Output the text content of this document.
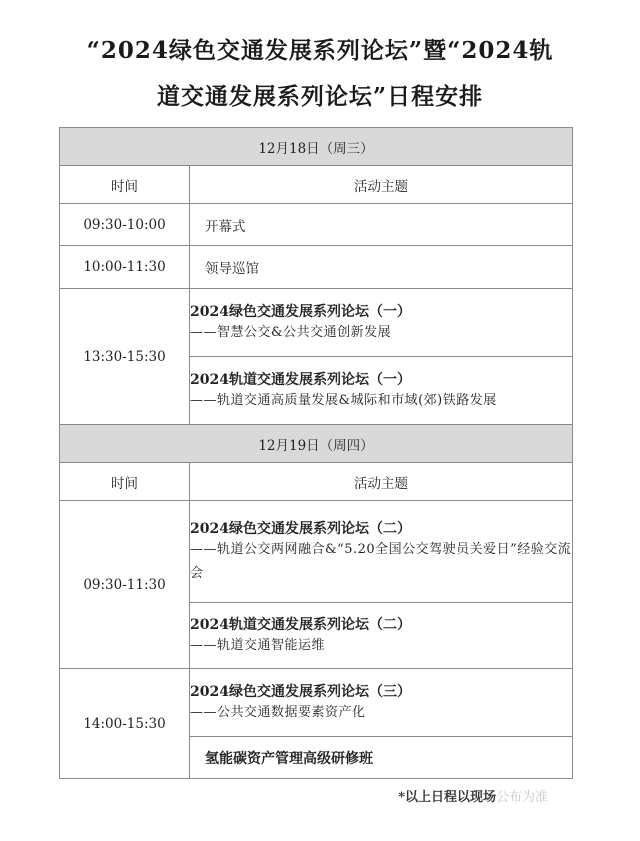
“2024绿色交通发展系列论坛”暨“2024轨
道交通发展系列论坛”日程安排
12月18日（周三）	
时间	活动主题
09:30-10:00	开幕式
10:00-11:30	领导巡馆
13:30-15:30	2024绿色交通发展系列论坛（一）
——智慧公交&公共交通创新发展

	2024轨道交通发展系列论坛（一）
——轨道交通高质量发展&城际和市域(郊)铁路发展

12月19日（周四）	
时间	活动主题
09:30-11:30	2024绿色交通发展系列论坛（二）
——轨道公交两网融合&“5.20全国公交驾驶员关爱日”经验交流会

	2024轨道交通发展系列论坛（二）
——轨道交通智能运维

14:00-15:30	2024绿色交通发展系列论坛（三）
——公共交通数据要素资产化

	氢能碳资产管理高级研修班
*以上日程以现场公布为准
